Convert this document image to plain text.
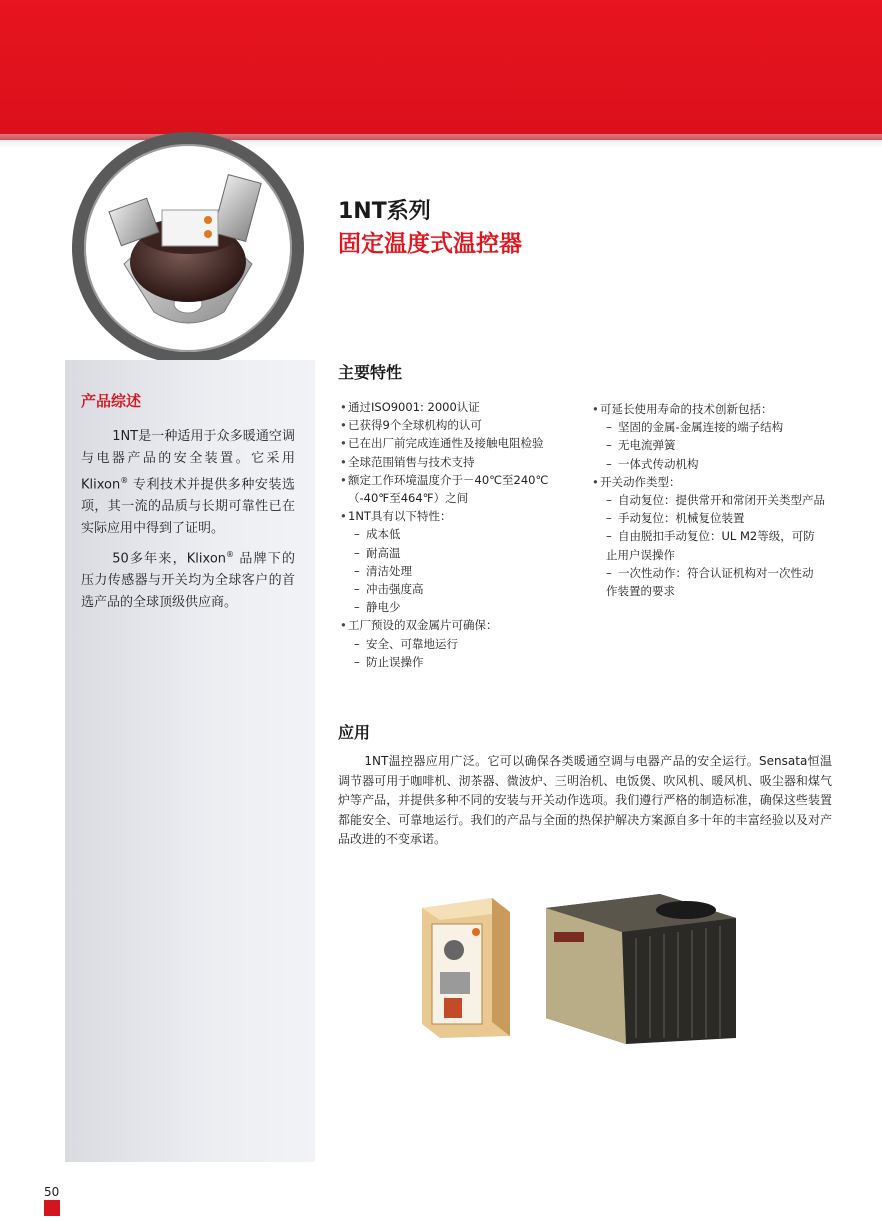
1NT系列

固定温度式温控器

产品综述

1NT是一种适用于众多暖通空调与电器产品的安全装置。它采用Klixon® 专利技术并提供多种安装选项，其一流的品质与长期可靠性已在实际应用中得到了证明。

50多年来，Klixon® 品牌下的压力传感器与开关均为全球客户的首选产品的全球顶级供应商。

主要特性
• 通过ISO9001: 2000认证
• 已获得9个全球机构的认可
• 已在出厂前完成连通性及接触电阻检验
• 全球范围销售与技术支持
• 额定工作环境温度介于－40℃至240℃
（-40℉至464℉）之间
• 1NT具有以下特性：
– 成本低
– 耐高温
– 清洁处理
– 冲击强度高
– 静电少
• 工厂预设的双金属片可确保：
– 安全、可靠地运行
– 防止误操作
• 可延长使用寿命的技术创新包括：
– 坚固的金属-金属连接的端子结构
– 无电流弹簧
– 一体式传动机构
• 开关动作类型：
– 自动复位：提供常开和常闭开关类型产品
– 手动复位：机械复位装置
– 自由脱扣手动复位：UL M2等级，可防
止用户误操作
– 一次性动作：符合认证机构对一次性动
作装置的要求
应用

1NT温控器应用广泛。它可以确保各类暖通空调与电器产品的安全运行。Sensata恒温调节器可用于咖啡机、沏茶器、微波炉、三明治机、电饭煲、吹风机、暖风机、吸尘器和煤气炉等产品，并提供多种不同的安装与开关动作选项。我们遵行严格的制造标准，确保这些装置都能安全、可靠地运行。我们的产品与全面的热保护解决方案源自多十年的丰富经验以及对产品改进的不变承诺。

50
